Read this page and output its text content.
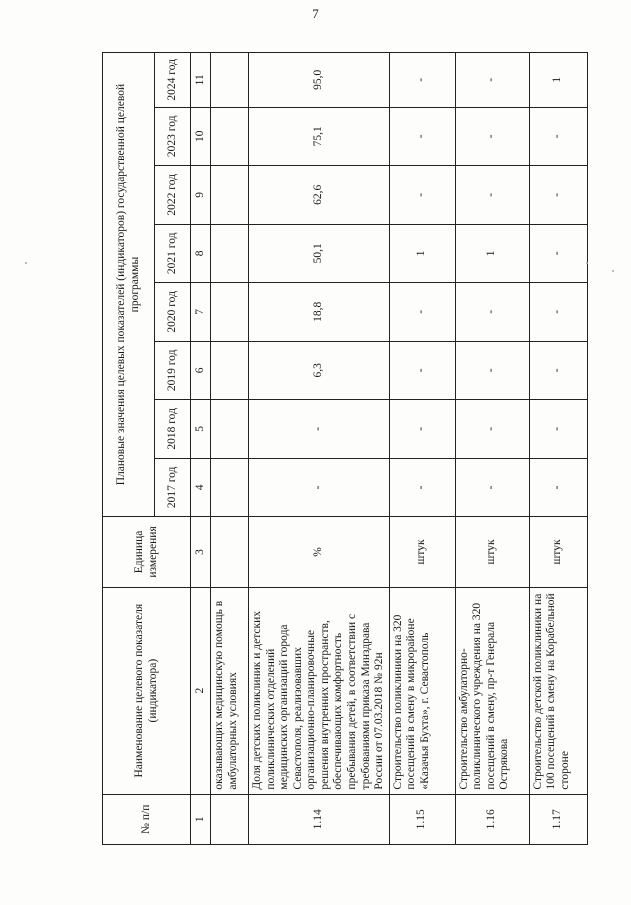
7
№ п/п	Наименование целевого показателя (индикатора)	Единица измерения	Плановые значения целевых показателей (индикаторов) государственной целевой программы							
			2017 год	2018 год	2019 год	2020 год	2021 год	2022 год	2023 год	2024 год
1	2	3	4	5	6	7	8	9	10	11
	оказывающих медицинскую помощь в амбулаторных условиях									
1.14	Доля детских поликлиник и детских поликлинических отделений медицинских организаций города Севастополя, реализовавших организационно-планировочные решения внутренних пространств, обеспечивающих комфортность пребывания детей, в соответствии с требованиями приказа Минздрава России от 07.03.2018 № 92н	%	-	-	6,3	18,8	50,1	62,6	75,1	95,0
1.15	Строительство поликлиники на 320 посещений в смену в микрорайоне «Казачья Бухта», г. Севастополь	штук	-	-	-	-	1	-	-	-
1.16	Строительство амбулаторно-поликлинического учреждения на 320 посещений в смену, пр-т Генерала Острякова	штук	-	-	-	-	1	-	-	-
1.17	Строительство детской поликлиники на 100 посещений в смену на Корабельной стороне	штук	-	-	-	-	-	-	-	1
